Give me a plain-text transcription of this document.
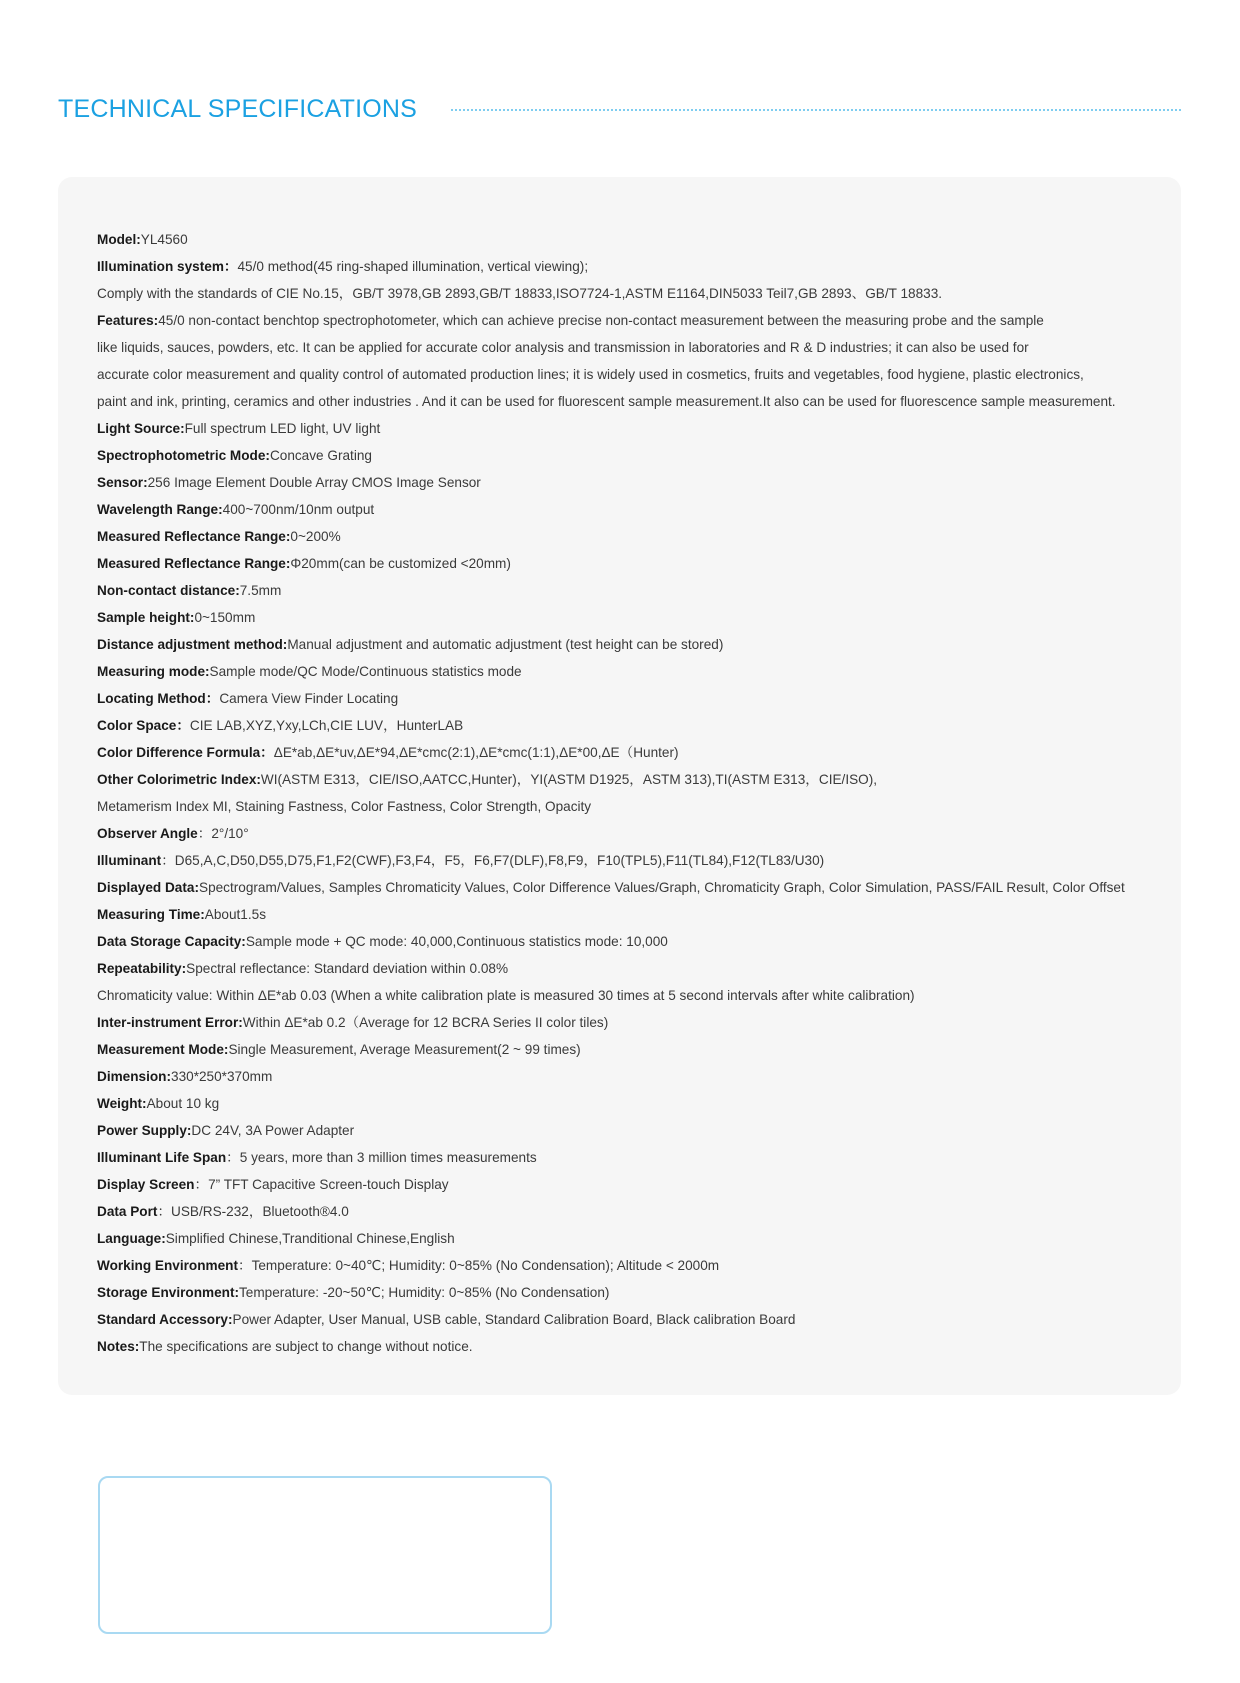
TECHNICAL SPECIFICATIONS
Model:YL4560
Illumination system：45/0 method(45 ring-shaped illumination, vertical viewing);
Comply with the standards of CIE No.15，GB/T 3978,GB 2893,GB/T 18833,ISO7724-1,ASTM E1164,DIN5033 Teil7,GB 2893、GB/T 18833.
Features:45/0 non-contact benchtop spectrophotometer, which can achieve precise non-contact measurement between the measuring probe and the sample
like liquids, sauces, powders, etc. It can be applied for accurate color analysis and transmission in laboratories and R & D industries; it can also be used for
accurate color measurement and quality control of automated production lines; it is widely used in cosmetics, fruits and vegetables, food hygiene, plastic electronics,
paint and ink, printing, ceramics and other industries . And it can be used for fluorescent sample measurement.It also can be used for fluorescence sample measurement.
Light Source:Full spectrum LED light, UV light
Spectrophotometric Mode:Concave Grating
Sensor:256 Image Element Double Array CMOS Image Sensor
Wavelength Range:400~700nm/10nm output
Measured Reflectance Range:0~200%
Measured Reflectance Range:Φ20mm(can be customized <20mm)
Non-contact distance:7.5mm
Sample height:0~150mm
Distance adjustment method:Manual adjustment and automatic adjustment (test height can be stored)
Measuring mode:Sample mode/QC Mode/Continuous statistics mode
Locating Method：Camera View Finder Locating
Color Space：CIE LAB,XYZ,Yxy,LCh,CIE LUV，HunterLAB
Color Difference Formula：ΔE*ab,ΔE*uv,ΔE*94,ΔE*cmc(2:1),ΔE*cmc(1:1),ΔE*00,ΔE（Hunter)
Other Colorimetric Index:WI(ASTM E313，CIE/ISO,AATCC,Hunter)，YI(ASTM D1925，ASTM 313),TI(ASTM E313，CIE/ISO),
Metamerism Index MI, Staining Fastness, Color Fastness, Color Strength, Opacity
Observer Angle：2°/10°
Illuminant：D65,A,C,D50,D55,D75,F1,F2(CWF),F3,F4，F5，F6,F7(DLF),F8,F9，F10(TPL5),F11(TL84),F12(TL83/U30)
Displayed Data:Spectrogram/Values, Samples Chromaticity Values, Color Difference Values/Graph, Chromaticity Graph, Color Simulation, PASS/FAIL Result, Color Offset
Measuring Time:About1.5s
Data Storage Capacity:Sample mode + QC mode: 40,000,Continuous statistics mode: 10,000
Repeatability:Spectral reflectance: Standard deviation within 0.08%
Chromaticity value: Within ΔE*ab 0.03 (When a white calibration plate is measured 30 times at 5 second intervals after white calibration)
Inter-instrument Error:Within ΔE*ab 0.2（Average for 12 BCRA Series II color tiles)
Measurement Mode:Single Measurement, Average Measurement(2 ~ 99 times)
Dimension:330*250*370mm
Weight:About 10 kg
Power Supply:DC 24V, 3A Power Adapter
Illuminant Life Span：5 years, more than 3 million times measurements
Display Screen：7” TFT Capacitive Screen-touch Display
Data Port：USB/RS-232，Bluetooth®4.0
Language:Simplified Chinese,Tranditional Chinese,English
Working Environment：Temperature: 0~40℃; Humidity: 0~85% (No Condensation); Altitude < 2000m
Storage Environment:Temperature: -20~50℃; Humidity: 0~85% (No Condensation)
Standard Accessory:Power Adapter, User Manual, USB cable, Standard Calibration Board, Black calibration Board
Notes:The specifications are subject to change without notice.
